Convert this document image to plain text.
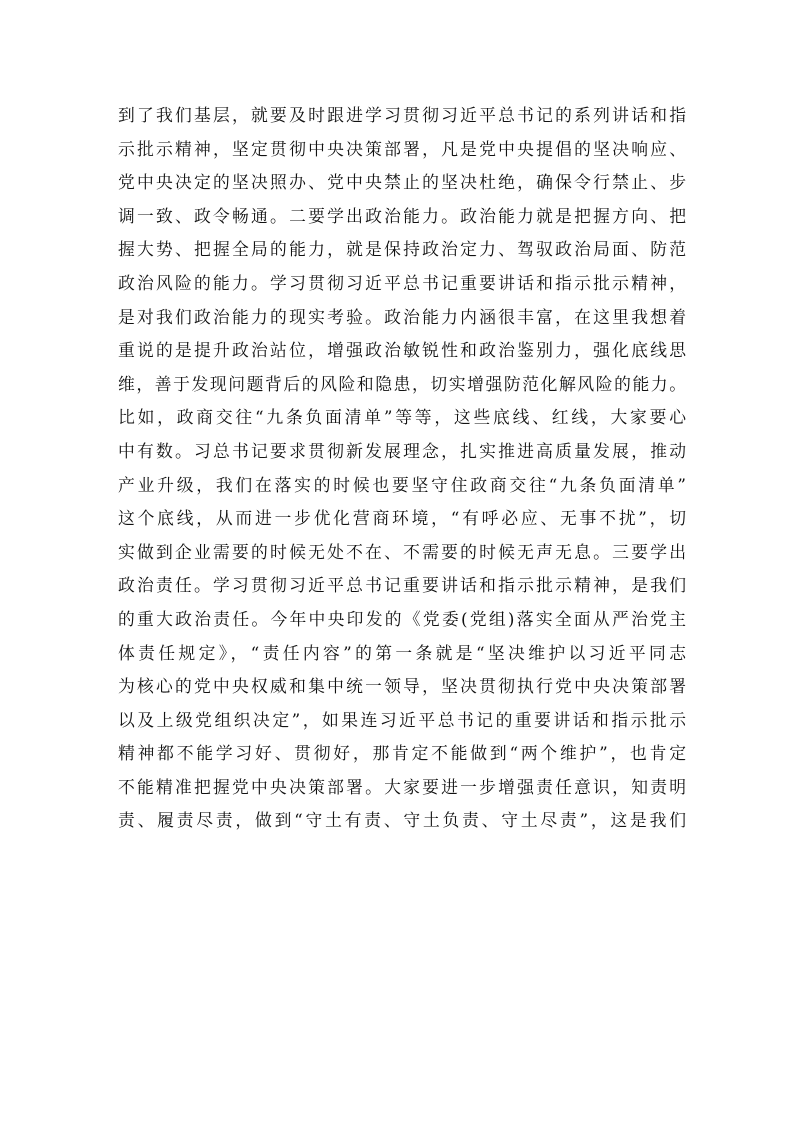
到了我们基层，就要及时跟进学习贯彻习近平总书记的系列讲话和指
示批示精神，坚定贯彻中央决策部署，凡是党中央提倡的坚决响应、
党中央决定的坚决照办、党中央禁止的坚决杜绝，确保令行禁止、步
调一致、政令畅通。二要学出政治能力。政治能力就是把握方向、把
握大势、把握全局的能力，就是保持政治定力、驾驭政治局面、防范
政治风险的能力。学习贯彻习近平总书记重要讲话和指示批示精神，
是对我们政治能力的现实考验。政治能力内涵很丰富，在这里我想着
重说的是提升政治站位，增强政治敏锐性和政治鉴别力，强化底线思
维，善于发现问题背后的风险和隐患，切实增强防范化解风险的能力。
比如，政商交往“九条负面清单”等等，这些底线、红线，大家要心
中有数。习总书记要求贯彻新发展理念，扎实推进高质量发展，推动
产业升级，我们在落实的时候也要坚守住政商交往“九条负面清单”
这个底线，从而进一步优化营商环境，“有呼必应、无事不扰”，切
实做到企业需要的时候无处不在、不需要的时候无声无息。三要学出
政治责任。学习贯彻习近平总书记重要讲话和指示批示精神，是我们
的重大政治责任。今年中央印发的《党委(党组)落实全面从严治党主
体责任规定》，“责任内容”的第一条就是“坚决维护以习近平同志
为核心的党中央权威和集中统一领导，坚决贯彻执行党中央决策部署
以及上级党组织决定”，如果连习近平总书记的重要讲话和指示批示
精神都不能学习好、贯彻好，那肯定不能做到“两个维护”，也肯定
不能精准把握党中央决策部署。大家要进一步增强责任意识，知责明
责、履责尽责，做到“守土有责、守土负责、守土尽责”，这是我们
